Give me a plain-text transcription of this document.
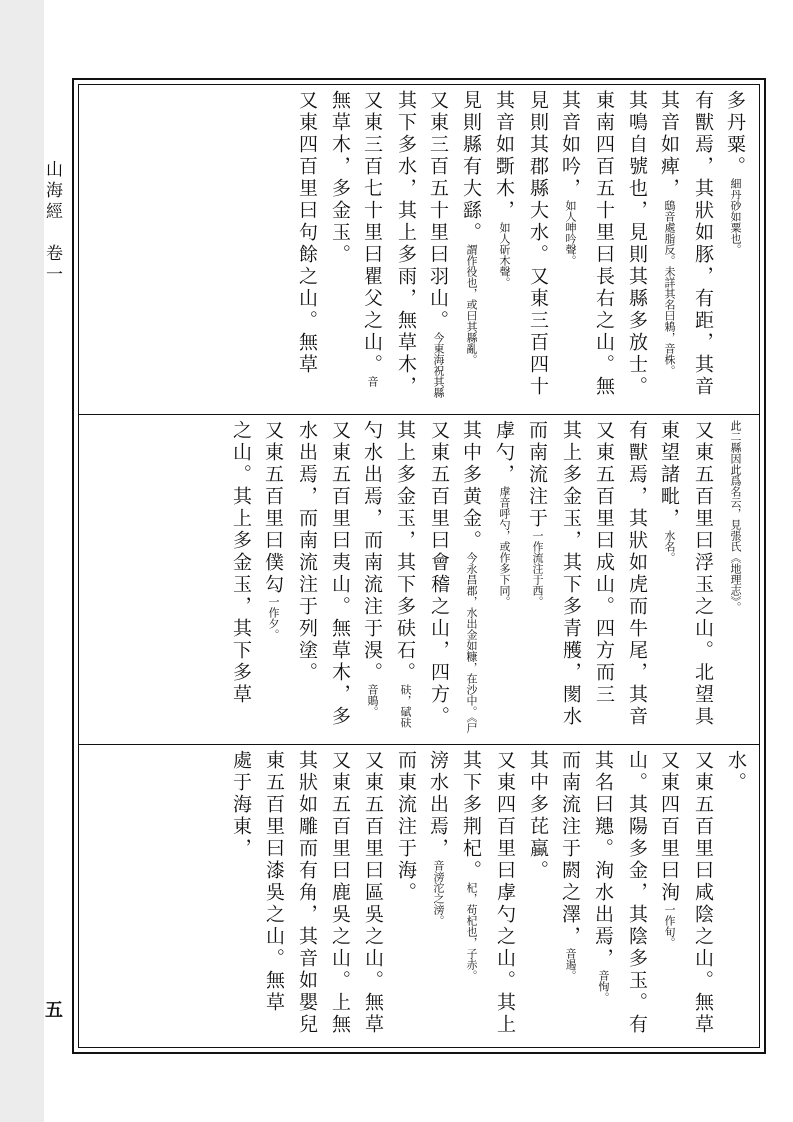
山海經　卷一
五
多丹粟。細丹砂如粟也。
有獸焉，其狀如豚，有距，其音
其音如痺，鴟音處脂反。未詳其名曰鴸，音株。
其鳴自號也，見則其縣多放士。
東南四百五十里曰長右之山。無
其音如吟，如人呻吟聲。
見則其郡縣大水。又東三百四十
其音如斲木，如人斫木聲。
見則縣有大繇。謂作役也，或曰其縣亂。
又東三百五十里曰羽山。今東海祝其縣
其下多水，其上多雨，無草木，
又東三百七十里曰瞿父之山。音
無草木，多金玉。
又東四百里曰句餘之山。無草
此二縣因此爲名云，見張氏《地理志》。
又東五百里曰浮玉之山。北望具
東望諸毗，水名。
有獸焉，其狀如虎而牛尾，其音
又東五百里曰成山。四方而三
其上多金玉，其下多青雘，閡水
而南流注于一作流注于西。
虖勺，虖音呼勺，或作多下同。
其中多黄金。今永昌郡，水出金如糠，在沙中。《尸
又東五百里曰會稽之山，四方。
其上多金玉，其下多砆石。砆，碔砆
勺水出焉，而南流注于湨。音鵙。
又東五百里曰夷山。無草木，多
水出焉，而南流注于列塗。
又東五百里曰僕勾一作夕。
之山。其上多金玉，其下多草
水。
又東五百里曰咸陰之山。無草
又東四百里曰洵一作旬。
山。其陽多金，其陰多玉。有
其名曰䍺。洵水出焉，音恂。
而南流注于閼之澤，音遏。
其中多芘蠃。
又東四百里曰虖勺之山。其上
其下多荆杞。杞，苟杞也，子赤。
滂水出焉，音滂沱之滂。
而東流注于海。
又東五百里曰區吳之山。無草
又東五百里曰鹿吳之山。上無
其狀如雕而有角，其音如嬰兒
東五百里曰漆吳之山。無草
處于海東，
